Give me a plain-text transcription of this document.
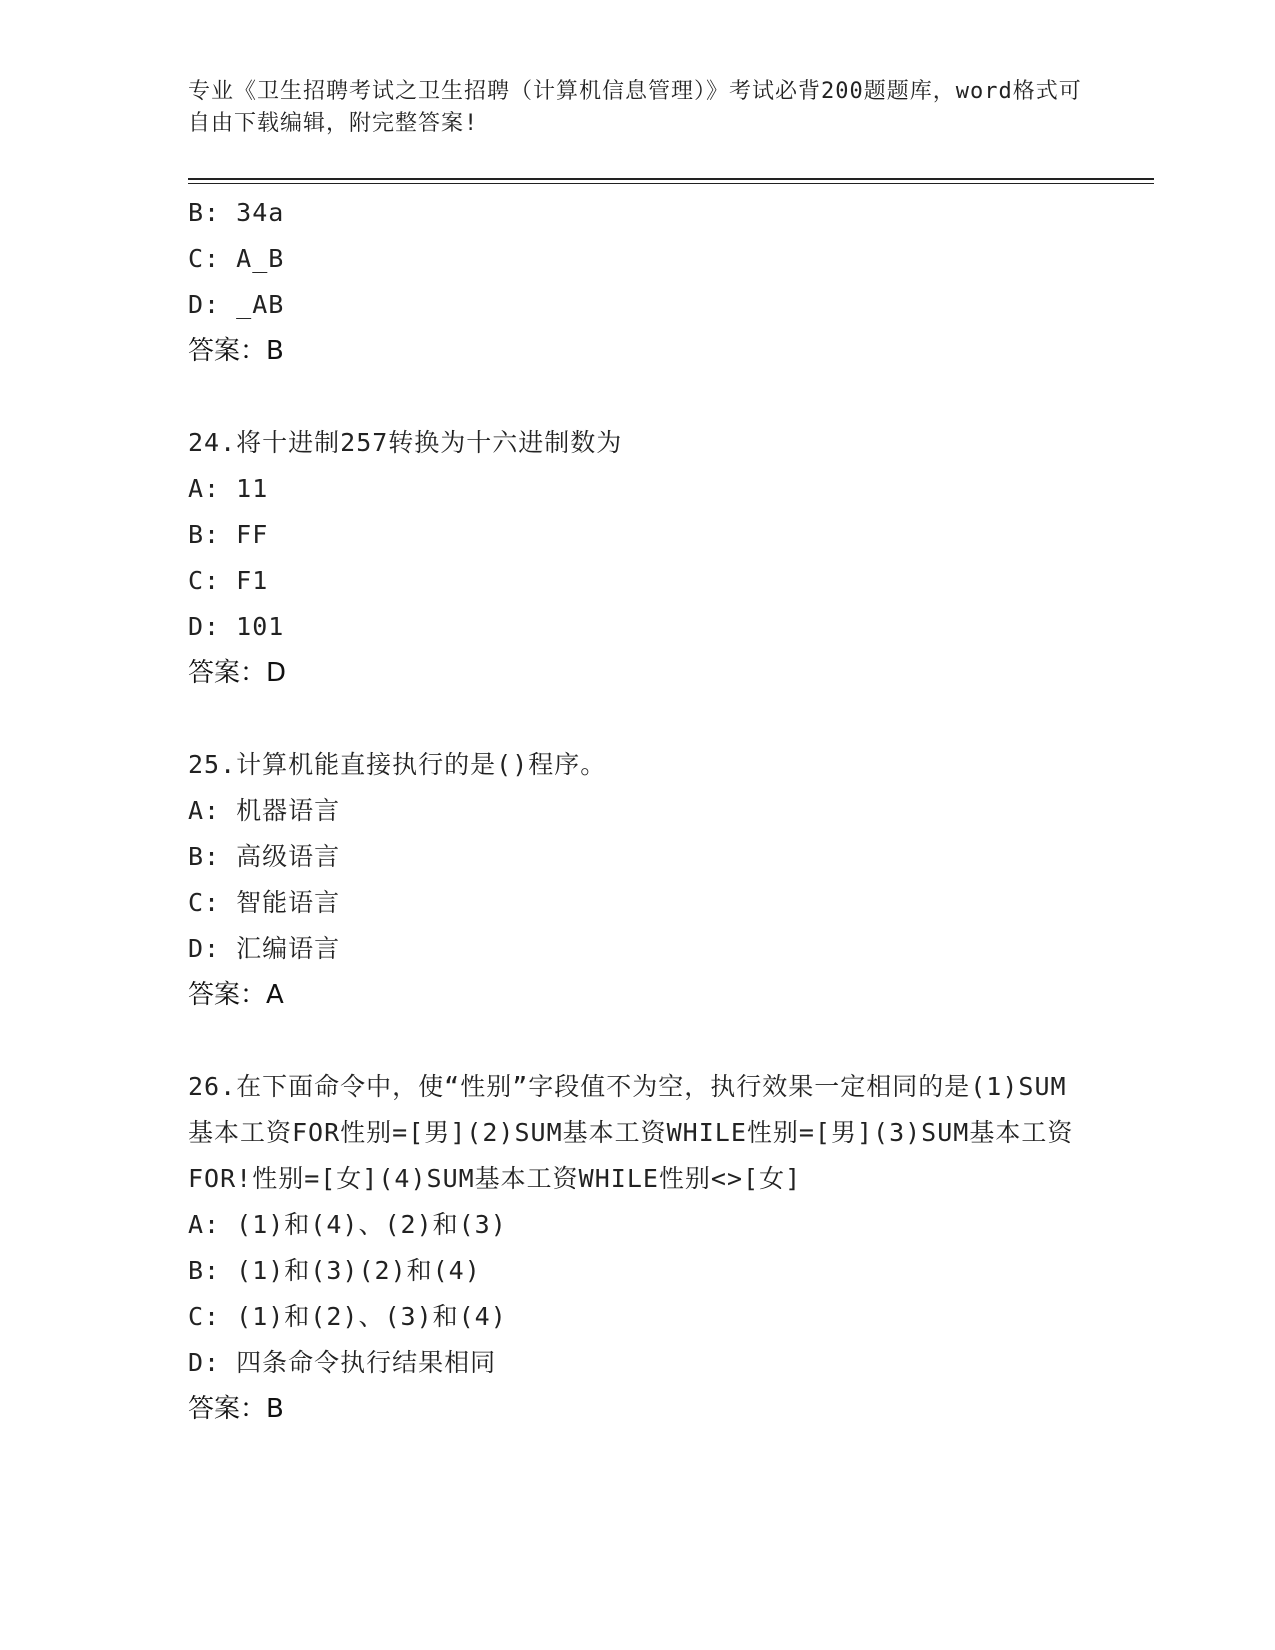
专业《卫生招聘考试之卫生招聘（计算机信息管理）》考试必背200题题库，word格式可自由下载编辑，附完整答案!
B: 34a
C: A_B
D: _AB
答案：B
24.将十进制257转换为十六进制数为
A: 11
B: FF
C: F1
D: 101
答案：D
25.计算机能直接执行的是()程序。
A: 机器语言
B: 高级语言
C: 智能语言
D: 汇编语言
答案：A
26.在下面命令中，使“性别”字段值不为空，执行效果一定相同的是(1)SUM基本工资FOR性别=[男](2)SUM基本工资WHILE性别=[男](3)SUM基本工资FOR!性别=[女](4)SUM基本工资WHILE性别<>[女]
A: (1)和(4)、(2)和(3)
B: (1)和(3)(2)和(4)
C: (1)和(2)、(3)和(4)
D: 四条命令执行结果相同
答案：B
